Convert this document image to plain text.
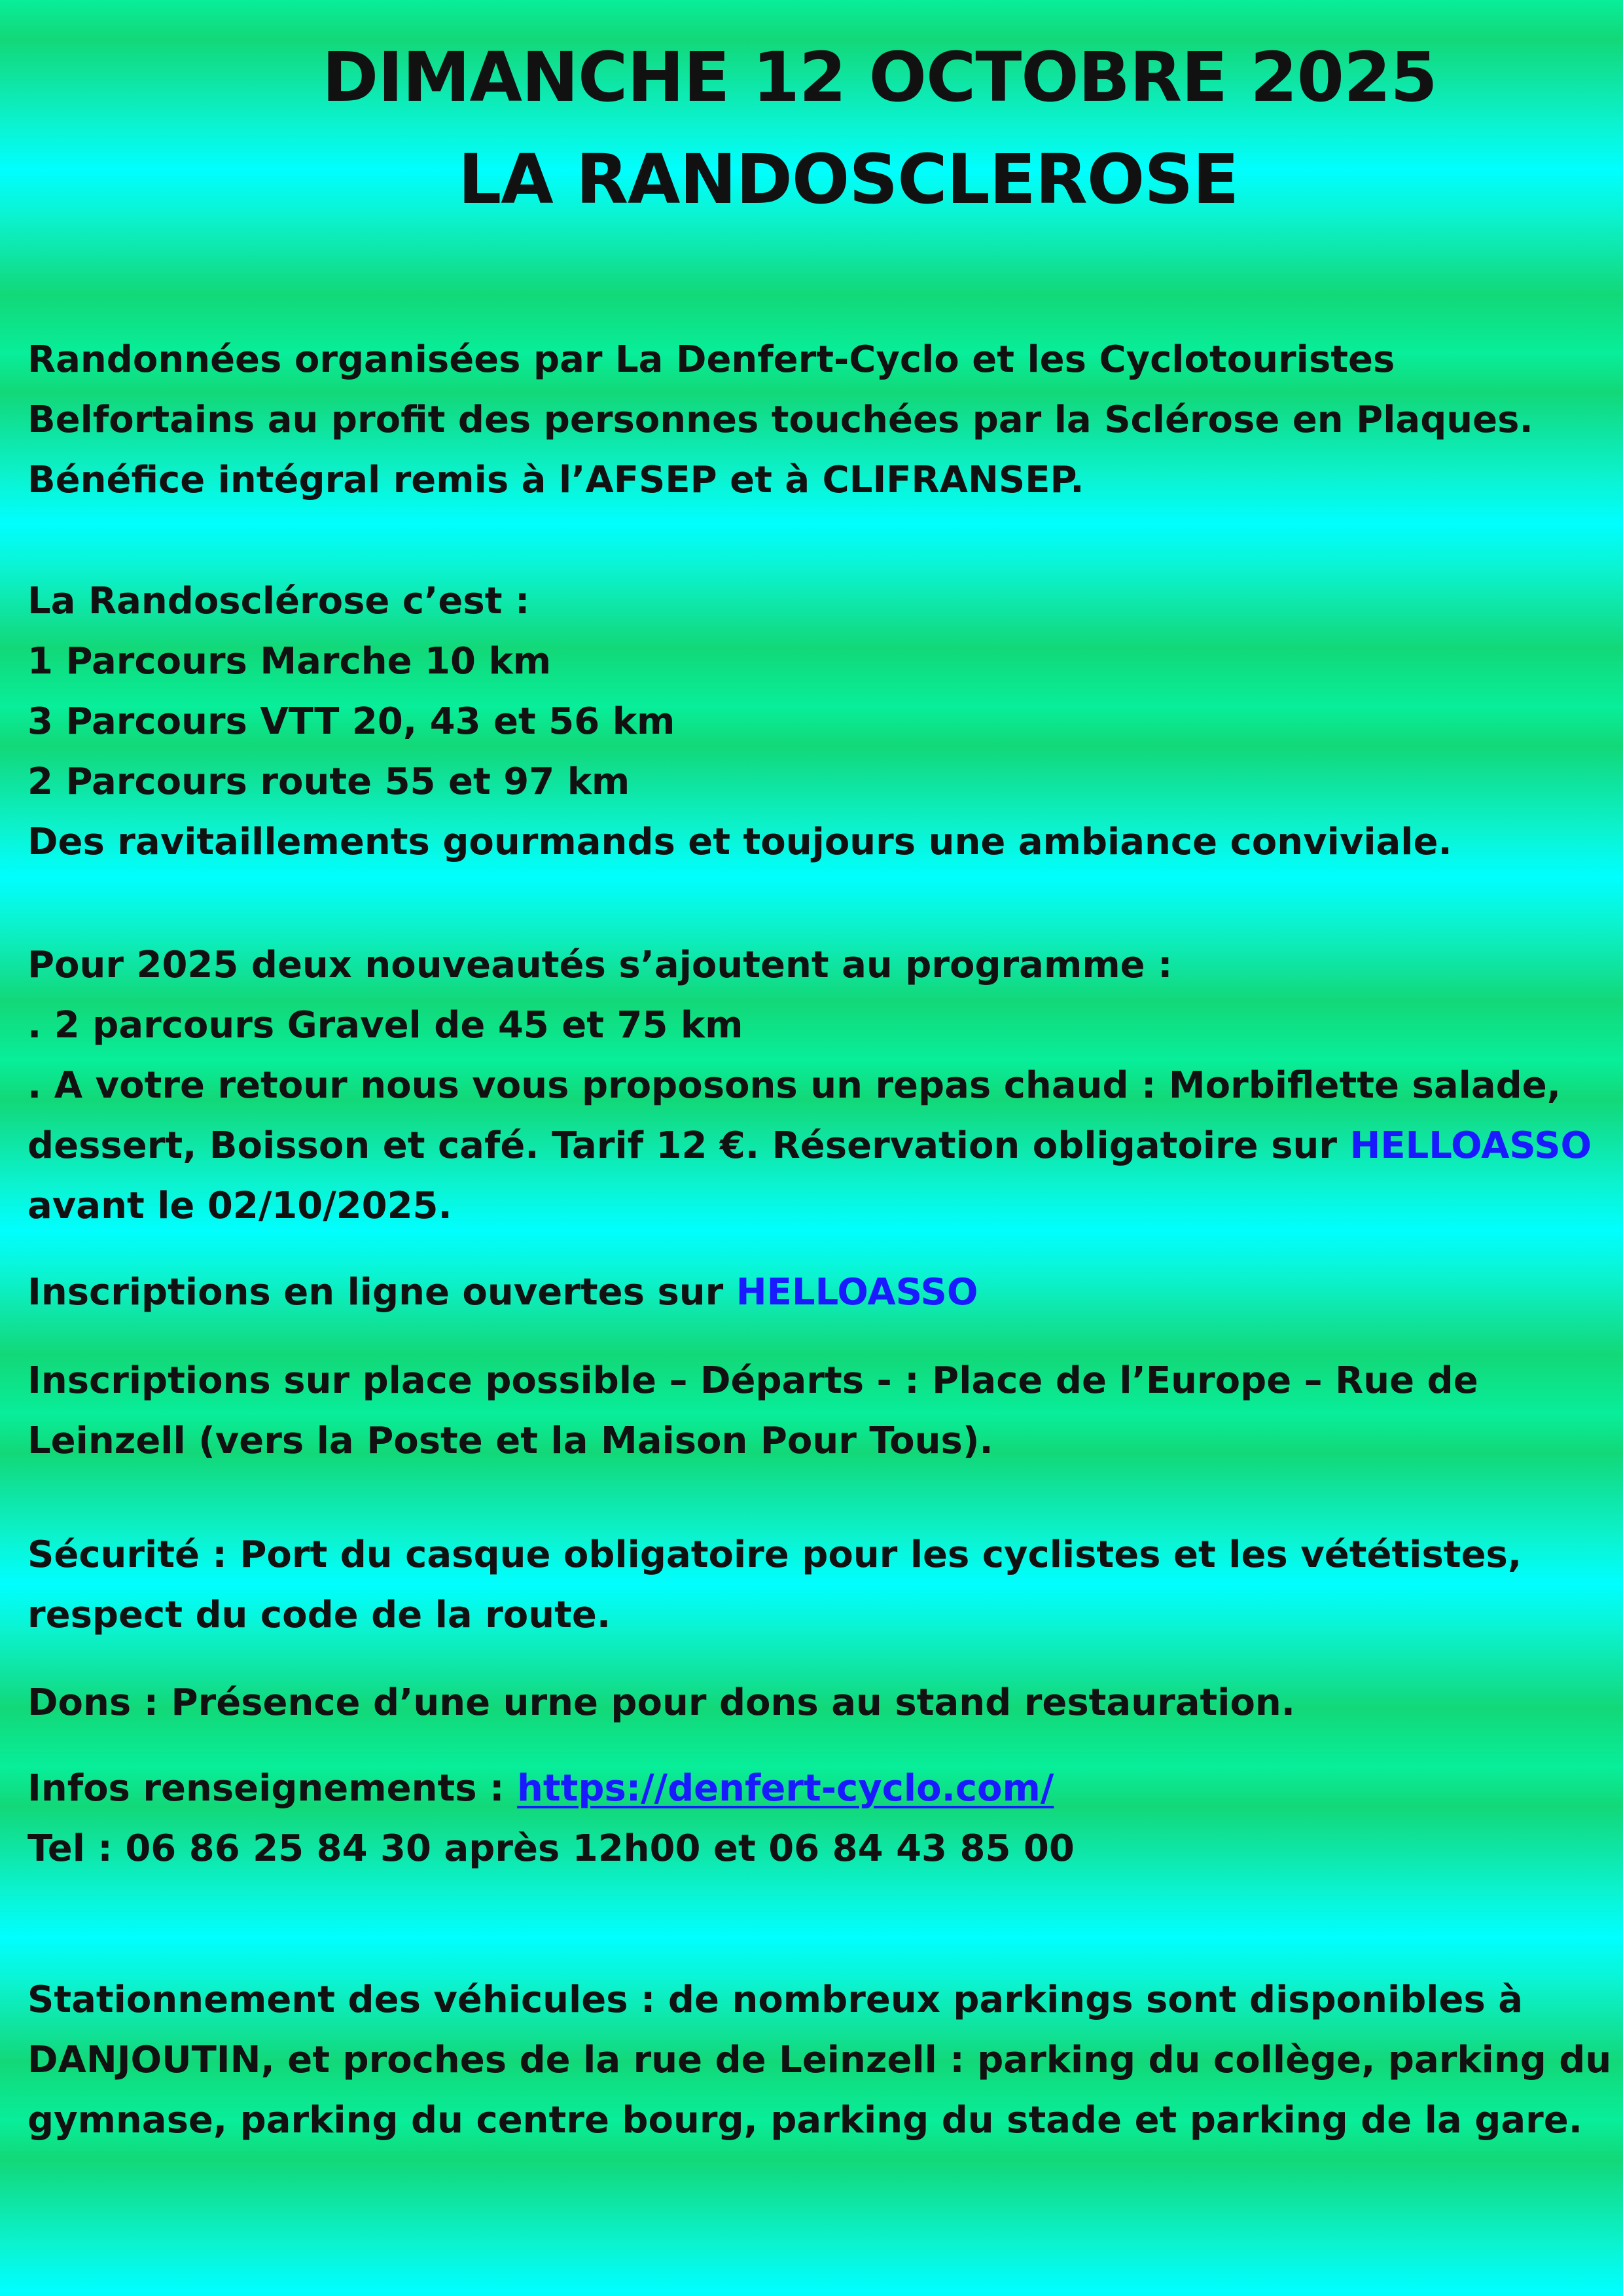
DIMANCHE 12 OCTOBRE 2025
LA RANDOSCLEROSE
Randonnées organisées par La Denfert-Cyclo et les Cyclotouristes
Belfortains au profit des personnes touchées par la Sclérose en Plaques.
Bénéfice intégral remis à l’AFSEP et à CLIFRANSEP.
La Randosclérose c’est :
1 Parcours Marche 10 km
3 Parcours VTT 20, 43 et 56 km
2 Parcours route 55 et 97 km
Des ravitaillements gourmands et toujours une ambiance conviviale.
Pour 2025 deux nouveautés s’ajoutent au programme :
. 2 parcours Gravel de 45 et 75 km
. A votre retour nous vous proposons un repas chaud : Morbiflette salade,
dessert, Boisson et café. Tarif 12 €. Réservation obligatoire sur HELLOASSO
avant le 02/10/2025.
Inscriptions en ligne ouvertes sur HELLOASSO
Inscriptions sur place possible – Départs - : Place de l’Europe – Rue de
Leinzell (vers la Poste et la Maison Pour Tous).
Sécurité : Port du casque obligatoire pour les cyclistes et les vététistes,
respect du code de la route.
Dons : Présence d’une urne pour dons au stand restauration.
Infos renseignements : https://denfert-cyclo.com/
Tel : 06 86 25 84 30 après 12h00 et 06 84 43 85 00
Stationnement des véhicules : de nombreux parkings sont disponibles à
DANJOUTIN, et proches de la rue de Leinzell : parking du collège, parking du
gymnase, parking du centre bourg, parking du stade et parking de la gare.
